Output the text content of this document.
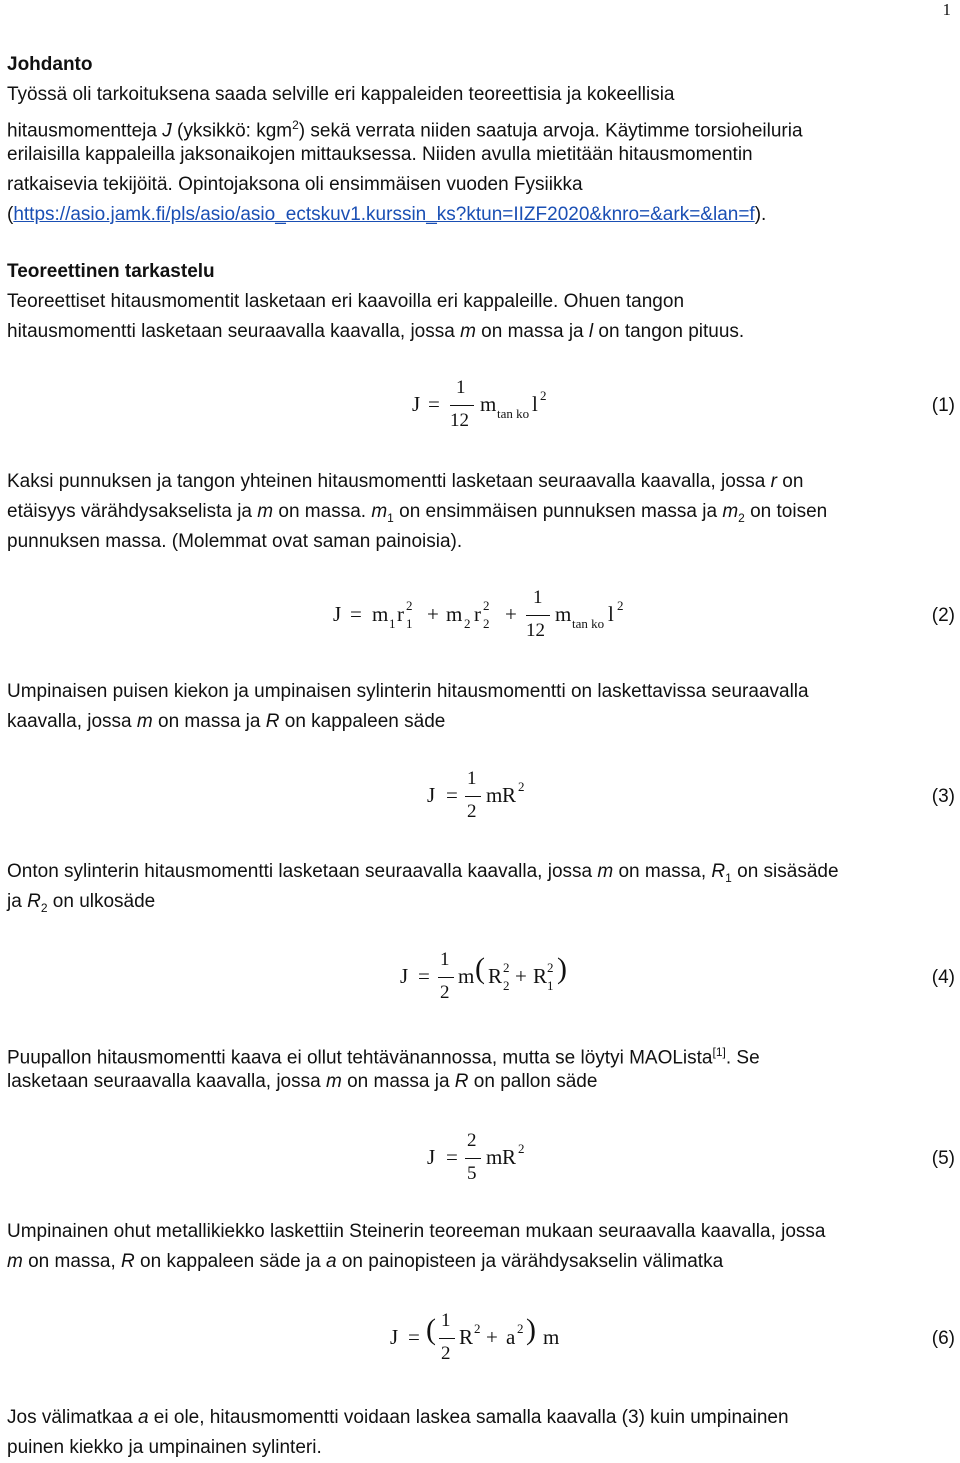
1

Johdanto

Työssä oli tarkoituksena saada selville eri kappaleiden teoreettisia ja kokeellisia

hitausmomentteja J (yksikkö: kgm$^2$) sekä verrata niiden saatuja arvoja. Käytimme torsioheiluria

erilaisilla kappaleilla jaksonaikojen mittauksessa. Niiden avulla mietitään hitausmomentin

ratkaisevia tekijöitä. Opintojaksona oli ensimmäisen vuoden Fysiikka

(https://asio.jamk.fi/pls/asio/asio_ectskuv1.kurssin_ks?ktun=IIZF2020&knro=&ark=&lan=f).

Teoreettinen tarkastelu

Teoreettiset hitausmomentit lasketaan eri kaavoilla eri kappaleille. Ohuen tangon

hitausmomentti lasketaan seuraavalla kaavalla, jossa m on massa ja l on tangon pituus.

J =
1
12
m tan ko l 2	(1)

Kaksi punnuksen ja tangon yhteinen hitausmomentti lasketaan seuraavalla kaavalla, jossa r on

etäisyys värähdysakselista ja m on massa. $m_1$ on ensimmäisen punnuksen massa ja $m_2$ on toisen

punnuksen massa. (Molemmat ovat saman painoisia).

J = m 1 r 2
1 + m 2 r 2
2 +
1
12
m tan ko l 2	(2)

Umpinaisen puisen kiekon ja umpinaisen sylinterin hitausmomentti on laskettavissa seuraavalla

kaavalla, jossa m on massa ja R on kappaleen säde

J =
1
2
m R 2	(3)

Onton sylinterin hitausmomentti lasketaan seuraavalla kaavalla, jossa m on massa, $R_1$ on sisäsäde

ja $R_2$ on ulkosäde

J =
1
2
m ( R 2
2 + R 2
1
)	(4)

Puupallon hitausmomentti kaava ei ollut tehtävänannossa, mutta se löytyi MAOLista[1]. Se

lasketaan seuraavalla kaavalla, jossa m on massa ja R on pallon säde

J =
2
5
m R 2	(5)

Umpinainen ohut metallikiekko laskettiin Steinerin teoreeman mukaan seuraavalla kaavalla, jossa

m on massa, R on kappaleen säde ja a on painopisteen ja värähdysakselin välimatka

J = ( 1
2
R 2 + a 2 ) m	(6)

Jos välimatkaa a ei ole, hitausmomentti voidaan laskea samalla kaavalla (3) kuin umpinainen

puinen kiekko ja umpinainen sylinteri.
